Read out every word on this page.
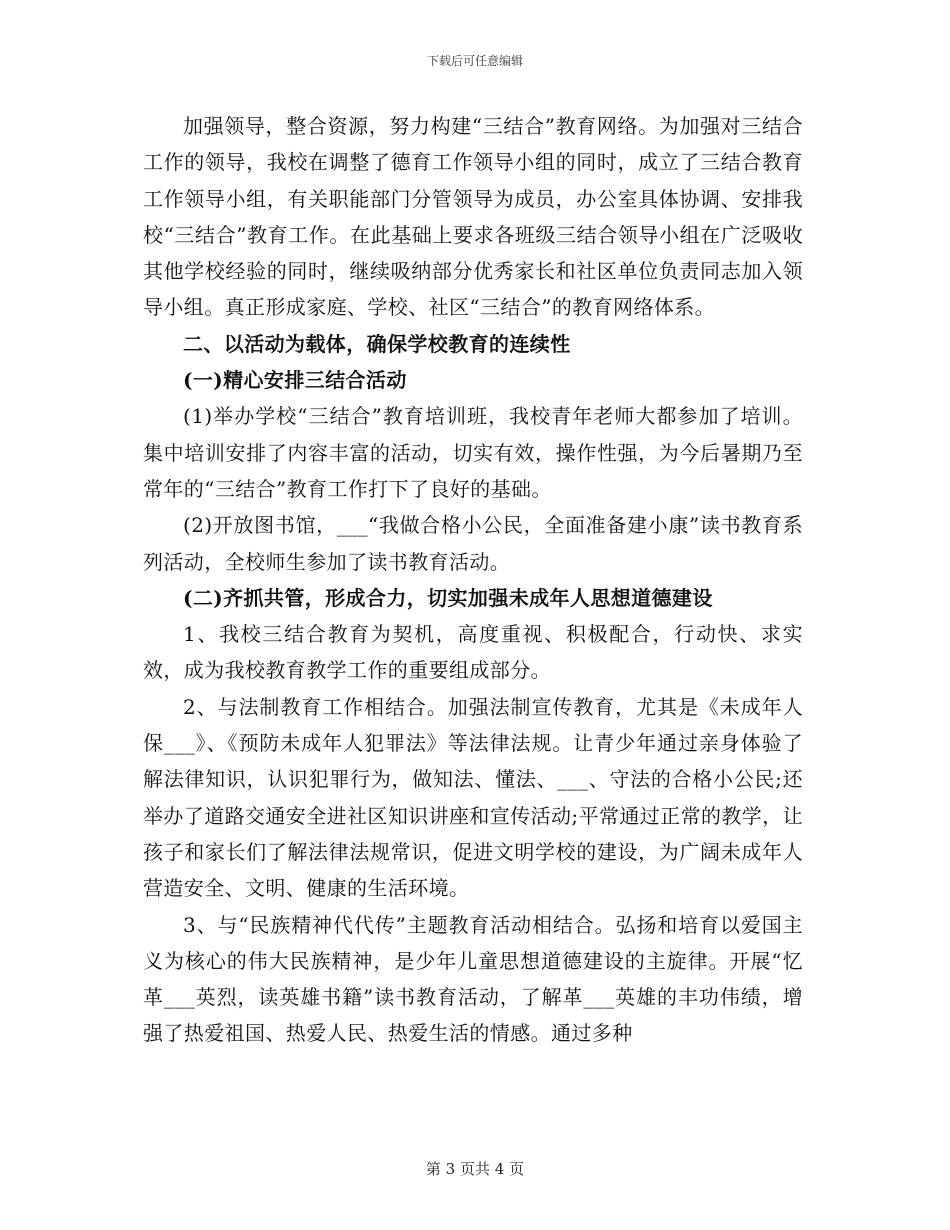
下载后可任意编辑

加强领导，整合资源，努力构建“三结合”教育网络。为加强对三结合工作的领导，我校在调整了德育工作领导小组的同时，成立了三结合教育工作领导小组，有关职能部门分管领导为成员，办公室具体协调、安排我校“三结合”教育工作。在此基础上要求各班级三结合领导小组在广泛吸收其他学校经验的同时，继续吸纳部分优秀家长和社区单位负责同志加入领导小组。真正形成家庭、学校、社区“三结合”的教育网络体系。

二、以活动为载体，确保学校教育的连续性

(一)精心安排三结合活动

(1)举办学校“三结合”教育培训班，我校青年老师大都参加了培训。集中培训安排了内容丰富的活动，切实有效，操作性强，为今后暑期乃至常年的“三结合”教育工作打下了良好的基础。

(2)开放图书馆，___“我做合格小公民，全面准备建小康”读书教育系列活动，全校师生参加了读书教育活动。

(二)齐抓共管，形成合力，切实加强未成年人思想道德建设

1、我校三结合教育为契机，高度重视、积极配合，行动快、求实效，成为我校教育教学工作的重要组成部分。

2、与法制教育工作相结合。加强法制宣传教育，尤其是《未成年人保___》、《预防未成年人犯罪法》等法律法规。让青少年通过亲身体验了解法律知识，认识犯罪行为，做知法、懂法、___、守法的合格小公民;还举办了道路交通安全进社区知识讲座和宣传活动;平常通过正常的教学，让孩子和家长们了解法律法规常识，促进文明学校的建设，为广阔未成年人营造安全、文明、健康的生活环境。

3、与“民族精神代代传”主题教育活动相结合。弘扬和培育以爱国主义为核心的伟大民族精神，是少年儿童思想道德建设的主旋律。开展“忆革___英烈，读英雄书籍”读书教育活动，了解革___英雄的丰功伟绩，增强了热爱祖国、热爱人民、热爱生活的情感。通过多种

第 3 页共 4 页
